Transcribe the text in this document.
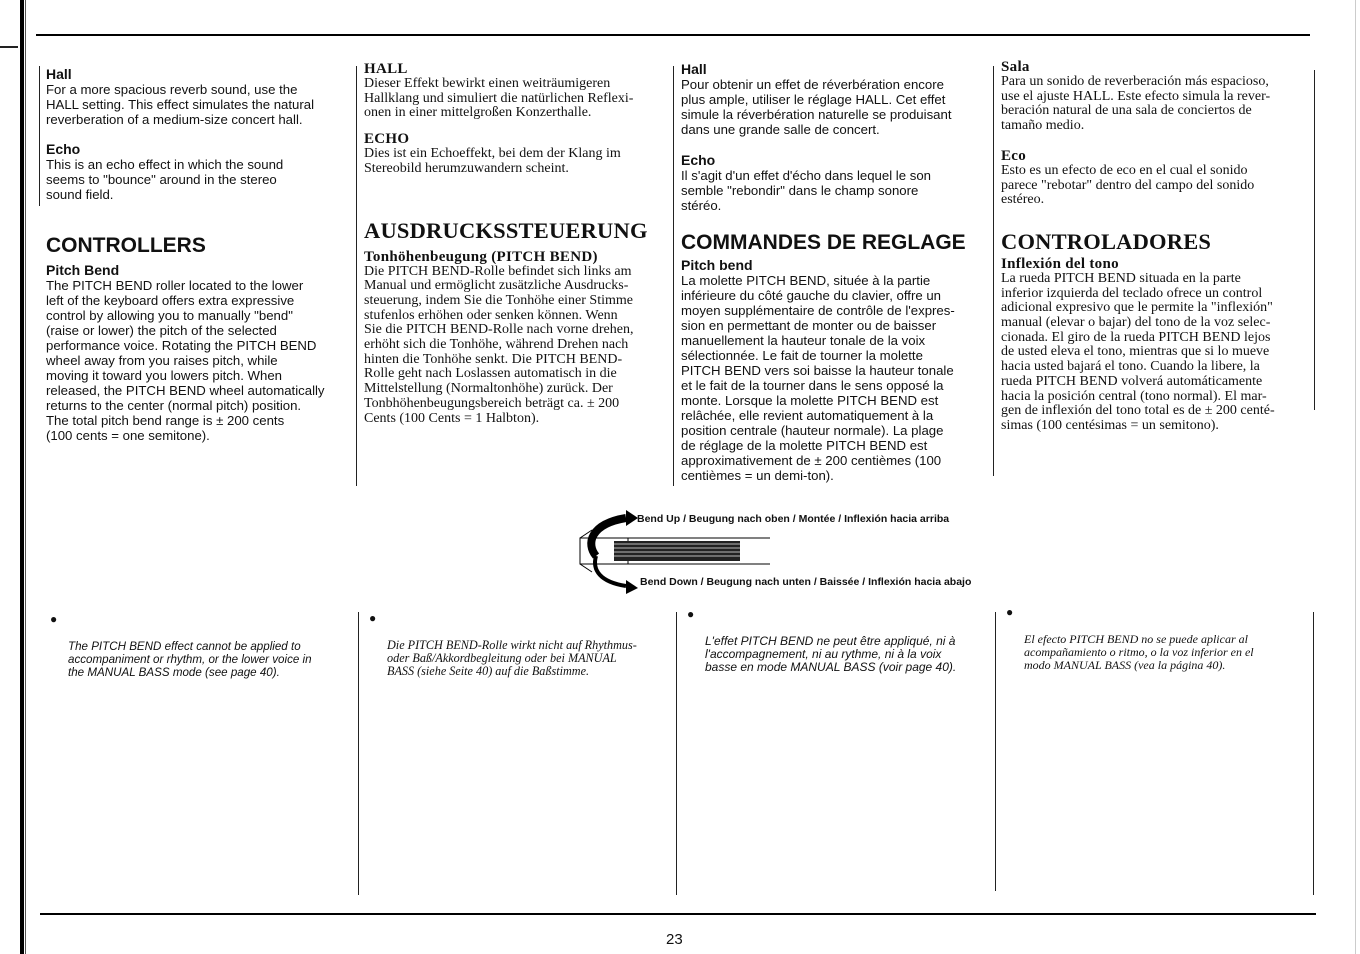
Hall

For a more spacious reverb sound, use the
HALL setting. This effect simulates the natural
reverberation of a medium-size concert hall.

Echo

This is an echo effect in which the sound
seems to "bounce" around in the stereo
sound field.

CONTROLLERS

Pitch Bend

The PITCH BEND roller located to the lower
left of the keyboard offers extra expressive
control by allowing you to manually "bend"
(raise or lower) the pitch of the selected
performance voice. Rotating the PITCH BEND
wheel away from you raises pitch, while
moving it toward you lowers pitch. When
released, the PITCH BEND wheel automatically
returns to the center (normal pitch) position.
The total pitch bend range is ± 200 cents
(100 cents = one semitone).

HALL

Dieser Effekt bewirkt einen weiträumigeren
Hallklang und simuliert die natürlichen Reflexi-
onen in einer mittelgroßen Konzerthalle.

ECHO

Dies ist ein Echoeffekt, bei dem der Klang im
Stereobild herumzuwandern scheint.

AUSDRUCKSSTEUERUNG

Tonhöhenbeugung (PITCH BEND)

Die PITCH BEND-Rolle befindet sich links am
Manual und ermöglicht zusätzliche Ausdrucks-
steuerung, indem Sie die Tonhöhe einer Stimme
stufenlos erhöhen oder senken können. Wenn
Sie die PITCH BEND-Rolle nach vorne drehen,
erhöht sich die Tonhöhe, während Drehen nach
hinten die Tonhöhe senkt. Die PITCH BEND-
Rolle geht nach Loslassen automatisch in die
Mittelstellung (Normaltonhöhe) zurück. Der
Tonbhöhenbeugungsbereich beträgt ca. ± 200
Cents (100 Cents = 1 Halbton).

Hall

Pour obtenir un effet de réverbération encore
plus ample, utiliser le réglage HALL. Cet effet
simule la réverbération naturelle se produisant
dans une grande salle de concert.

Echo

Il s'agit d'un effet d'écho dans lequel le son
semble "rebondir" dans le champ sonore
stéréo.

COMMANDES DE REGLAGE

Pitch bend

La molette PITCH BEND, située à la partie
inférieure du côté gauche du clavier, offre un
moyen supplémentaire de contrôle de l'expres-
sion en permettant de monter ou de baisser
manuellement la hauteur tonale de la voix
sélectionnée. Le fait de tourner la molette
PITCH BEND vers soi baisse la hauteur tonale
et le fait de la tourner dans le sens opposé la
monte. Lorsque la molette PITCH BEND est
relâchée, elle revient automatiquement à la
position centrale (hauteur normale). La plage
de réglage de la molette PITCH BEND est
approximativement de ± 200 centièmes (100
centièmes = un demi-ton).

Sala

Para un sonido de reverberación más espacioso,
use el ajuste HALL. Este efecto simula la rever-
beración natural de una sala de conciertos de
tamaño medio.

Eco

Esto es un efecto de eco en el cual el sonido
parece "rebotar" dentro del campo del sonido
estéreo.

CONTROLADORES

Inflexión del tono

La rueda PITCH BEND situada en la parte
inferior izquierda del teclado ofrece un control
adicional expresivo que le permite la "inflexión"
manual (elevar o bajar) del tono de la voz selec-
cionada. El giro de la rueda PITCH BEND lejos
de usted eleva el tono, mientras que si lo mueve
hacia usted bajará el tono. Cuando la libere, la
rueda PITCH BEND volverá automáticamente
hacia la posición central (tono normal). El mar-
gen de inflexión del tono total es de ± 200 centé-
simas (100 centésimas = un semitono).

Bend Up / Beugung nach oben / Montée / Inflexión hacia arriba
Bend Down / Beugung nach unten / Baissée / Inflexión hacia abajo

●

The PITCH BEND effect cannot be applied to
accompaniment or rhythm, or the lower voice in
the MANUAL BASS mode (see page 40).

●

Die PITCH BEND-Rolle wirkt nicht auf Rhythmus-
oder Baß/Akkordbegleitung oder bei MANUAL
BASS (siehe Seite 40) auf die Baßstimme.

●

L'effet PITCH BEND ne peut être appliqué, ni à
l'accompagnement, ni au rythme, ni à la voix
basse en mode MANUAL BASS (voir page 40).

●

El efecto PITCH BEND no se puede aplicar al
acompañamiento o ritmo, o la voz inferior en el
modo MANUAL BASS (vea la página 40).

23
